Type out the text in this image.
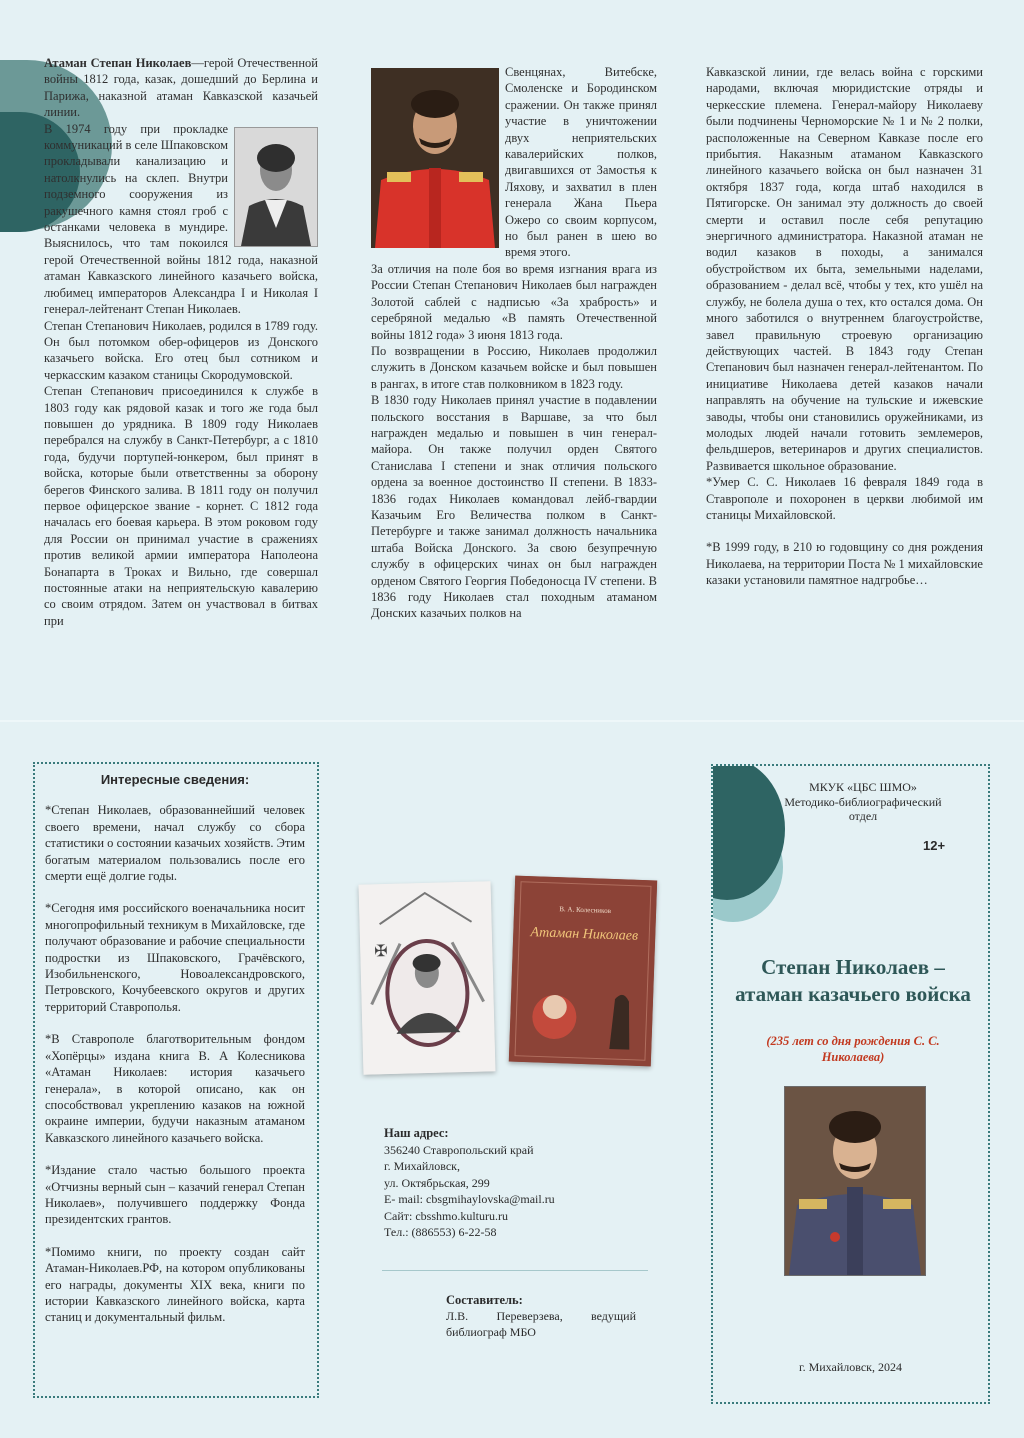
Атаман Степан Николаев—герой Отечественной войны 1812 года, казак, дошедший до Берлина и Парижа, наказной атаман Кавказской казачьей линии.

В 1974 году при прокладке коммуникаций в селе Шпаковском прокладывали канализацию и натолкнулись на склеп. Внутри подземного сооружения из ракушечного камня стоял гроб с останками человека в мундире. Выяснилось, что там покоился герой Отечественной войны 1812 года, наказной атаман Кавказского линейного казачьего войска, любимец императоров Александра I и Николая I генерал-лейтенант Степан Николаев.

Степан Степанович Николаев, родился в 1789 году. Он был потомком обер-офицеров из Донского казачьего войска. Его отец был сотником и черкасским казаком станицы Скородумовской.

Степан Степанович присоединился к службе в 1803 году как рядовой казак и того же года был повышен до урядника. В 1809 году Николаев перебрался на службу в Санкт-Петербург, а с 1810 года, будучи портупей-юнкером, был принят в войска, которые были ответственны за оборону берегов Финского залива. В 1811 году он получил первое офицерское звание - корнет. С 1812 года началась его боевая карьера. В этом роковом году для России он принимал участие в сражениях против великой армии императора Наполеона Бонапарта в Троках и Вильно, где совершал постоянные атаки на неприятельскую кавалерию со своим отрядом. Затем он участвовал в битвах при

Свенцянах, Витебске, Смоленске и Бородинском сражении. Он также принял участие в уничтожении двух неприятельских кавалерийских полков, двигавшихся от Замостья к Ляхову, и захватил в плен генерала Жана Пьера Ожеро со своим корпусом, но был ранен в шею во время этого.

За отличия на поле боя во время изгнания врага из России Степан Степанович Николаев был награжден Золотой саблей с надписью «За храбрость» и серебряной медалью «В память Отечественной войны 1812 года» 3 июня 1813 года.

По возвращении в Россию, Николаев продолжил служить в Донском казачьем войске и был повышен в рангах, в итоге став полковником в 1823 году.

В 1830 году Николаев принял участие в подавлении польского восстания в Варшаве, за что был награжден медалью и повышен в чин генерал-майора. Он также получил орден Святого Станислава I степени и знак отличия польского ордена за военное достоинство II степени. В 1833-1836 годах Николаев командовал лейб-гвардии Казачьим Его Величества полком в Санкт-Петербурге и также занимал должность начальника штаба Войска Донского. За свою безупречную службу в офицерских чинах он был награжден орденом Святого Георгия Победоносца IV степени. В 1836 году Николаев стал походным атаманом Донских казачьих полков на

Кавказской линии, где велась война с горскими народами, включая мюридистские отряды и черкесские племена. Генерал-майору Николаеву были подчинены Черноморские № 1 и № 2 полки, расположенные на Северном Кавказе после его прибытия. Наказным атаманом Кавказского линейного казачьего войска он был назначен 31 октября 1837 года, когда штаб находился в Пятигорске. Он занимал эту должность до своей смерти и оставил после себя репутацию энергичного администратора. Наказной атаман не водил казаков в походы, а занимался обустройством их быта, земельными наделами, образованием - делал всё, чтобы у тех, кто ушёл на службу, не болела душа о тех, кто остался дома. Он много заботился о внутреннем благоустройстве, завел правильную строевую организацию действующих частей. В 1843 году Степан Степанович был назначен генерал-лейтенантом. По инициативе Николаева детей казаков начали направлять на обучение на тульские и ижевские заводы, чтобы они становились оружейниками, из молодых людей начали готовить землемеров, фельдшеров, ветеринаров и других специалистов. Развивается школьное образование.

*Умер С. С. Николаев 16 февраля 1849 года в Ставрополе и похоронен в церкви любимой им станицы Михайловской.

*В 1999 году, в 210 ю годовщину со дня рождения Николаева, на территории Поста № 1 михайловские казаки установили памятное надгробье…

Интересные сведения:

*Степан Николаев, образованнейший человек своего времени, начал службу со сбора статистики о состоянии казачьих хозяйств. Этим богатым материалом пользовались после его смерти ещё долгие годы.

*Сегодня имя российского военачальника носит многопрофильный техникум в Михайловске, где получают образование и рабочие специальности подростки из Шпаковского, Грачёвского, Изобильненского, Новоалександровского, Петровского, Кочубеевского округов и других территорий Ставрополья.

*В Ставрополе благотворительным фондом «Хопёрцы» издана книга В. А Колесникова «Атаман Николаев: история казачьего генерала», в которой описано, как он способствовал укреплению казаков на южной окраине империи, будучи наказным атаманом Кавказского линейного казачьего войска.

*Издание стало частью большого проекта «Отчизны верный сын – казачий генерал Степан Николаев», получившего поддержку Фонда президентских грантов.

*Помимо книги, по проекту создан сайт Атаман-Николаев.РФ, на котором опубликованы его награды, документы XIX века, книги по истории Кавказского линейного войска, карта станиц и документальный фильм.

✠
В. А. Колесников
Атаман Николаев
Наш адрес:
356240 Ставропольский край
г. Михайловск,
ул. Октябрьская, 299
E- mail: cbsgmihaylovska@mail.ru
Сайт: cbsshmo.kulturu.ru
Тел.: (886553) 6-22-58
Составитель:
Л.В. Переверзева, ведущий библиограф МБО
МКУК «ЦБС ШМО»
Методико-библиографический
отдел
12+
Степан Николаев – атаман казачьего войска
(235 лет со дня рождения С. С. Николаева)
г. Михайловск, 2024
